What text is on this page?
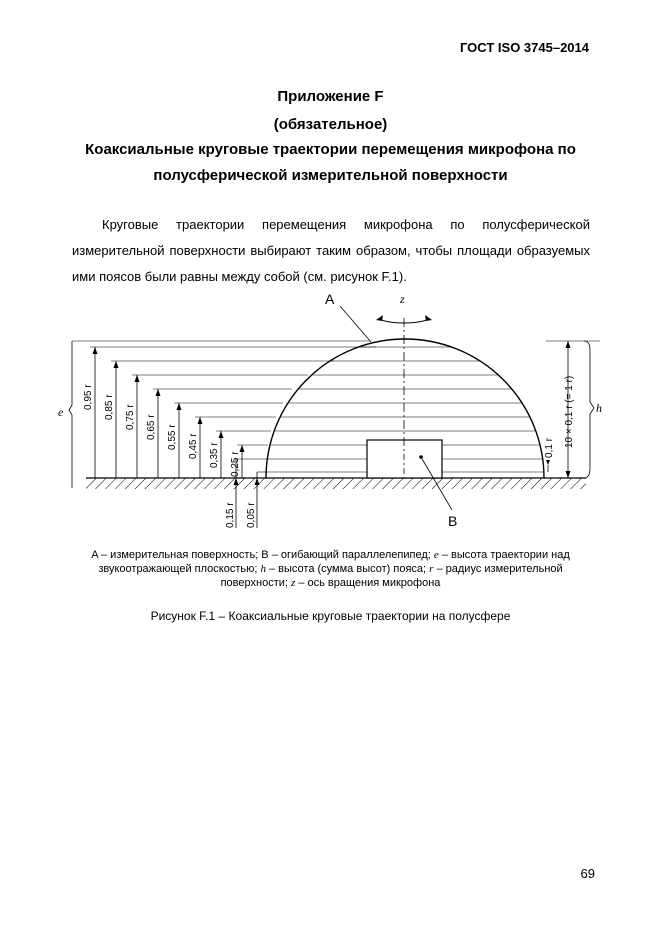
ГОСТ ISO 3745–2014
Приложение F
(обязательное)
Коаксиальные круговые траектории перемещения микрофона по
полусферической измерительной поверхности
Круговые траектории перемещения микрофона по полусферической измерительной поверхности выбирают таким образом, чтобы площади образуемых ими поясов были равны между собой (см. рисунок F.1).
0,95 r 0,85 r 0,75 r 0,65 r 0,55 r 0,45 r 0,35 r 0,25 r
e
0,15 r 0,05 r
z
A
B
0,1 r 10 × 0,1 r (= 1 r) h
A – измерительная поверхность; B – огибающий параллелепипед; e – высота траектории над звукоотражающей плоскостью; h – высота (сумма высот) пояса; r – радиус измерительной поверхности; z – ось вращения микрофона
Рисунок F.1 – Коаксиальные круговые траектории на полусфере
69
